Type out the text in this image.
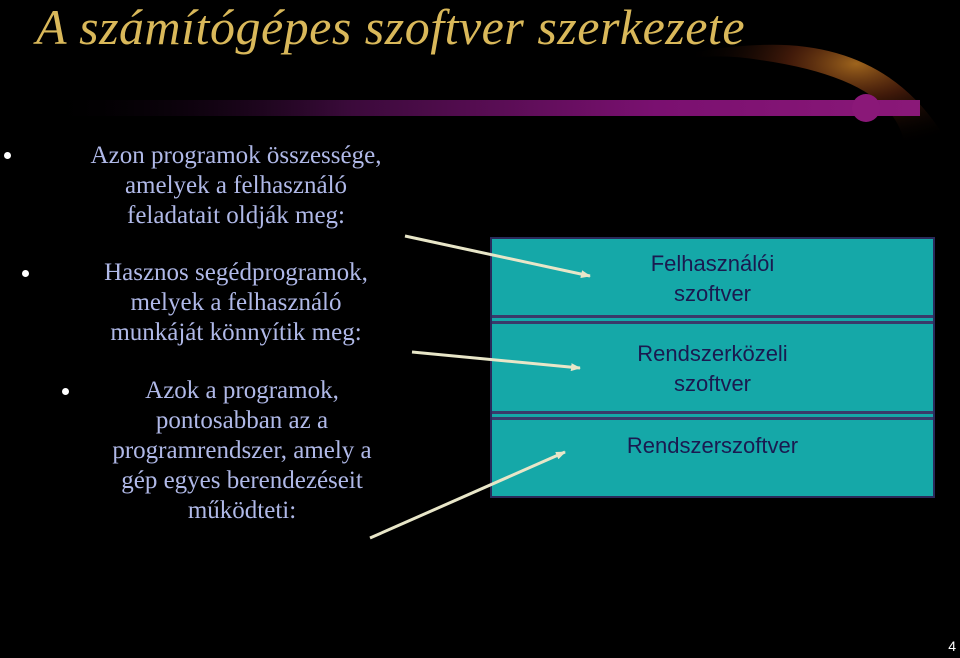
A számítógépes szoftver szerkezete
Azon programok összessége,
amelyek a felhasználó
feladatait oldják meg:
Hasznos segédprogramok,
melyek a felhasználó
munkáját könnyítik meg:
Azok a programok,
pontosabban az a
programrendszer, amely a
gép egyes berendezéseit
működteti:
Felhasználói
szoftver
Rendszerközeli
szoftver
Rendszerszoftver
4
